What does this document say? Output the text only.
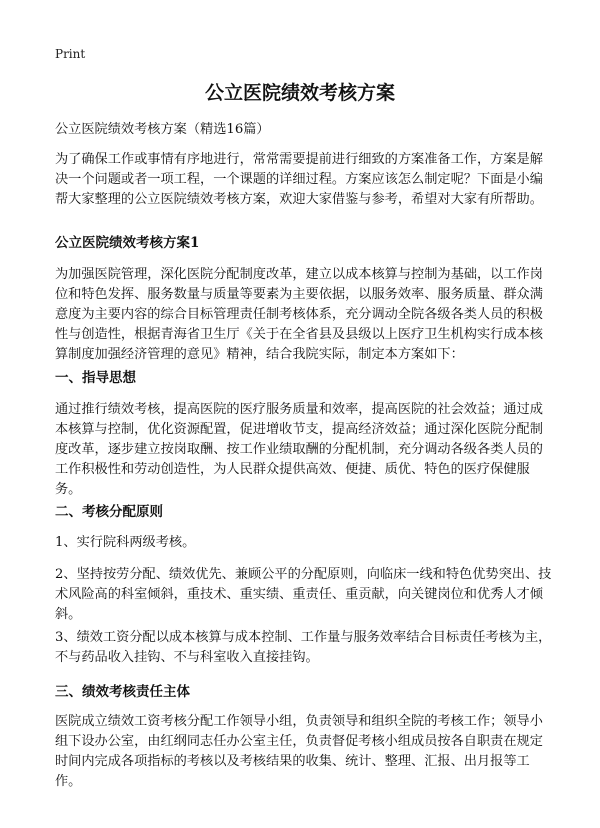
Print
公立医院绩效考核方案

公立医院绩效考核方案（精选16篇）

为了确保工作或事情有序地进行，常常需要提前进行细致的方案准备工作，方案是解决一个问题或者一项工程，一个课题的详细过程。方案应该怎么制定呢？下面是小编帮大家整理的公立医院绩效考核方案，欢迎大家借鉴与参考，希望对大家有所帮助。

公立医院绩效考核方案1

为加强医院管理，深化医院分配制度改革，建立以成本核算与控制为基础，以工作岗位和特色发挥、服务数量与质量等要素为主要依据，以服务效率、服务质量、群众满意度为主要内容的综合目标管理责任制考核体系，充分调动全院各级各类人员的积极性与创造性，根据青海省卫生厅《关于在全省县及县级以上医疗卫生机构实行成本核算制度加强经济管理的意见》精神，结合我院实际，制定本方案如下：

一、指导思想

通过推行绩效考核，提高医院的医疗服务质量和效率，提高医院的社会效益；通过成本核算与控制，优化资源配置，促进增收节支，提高经济效益；通过深化医院分配制度改革，逐步建立按岗取酬、按工作业绩取酬的分配机制，充分调动各级各类人员的工作积极性和劳动创造性，为人民群众提供高效、便捷、质优、特色的医疗保健服务。

二、考核分配原则

1、实行院科两级考核。

2、坚持按劳分配、绩效优先、兼顾公平的分配原则，向临床一线和特色优势突出、技术风险高的科室倾斜，重技术、重实绩、重责任、重贡献，向关键岗位和优秀人才倾斜。

3、绩效工资分配以成本核算与成本控制、工作量与服务效率结合目标责任考核为主，不与药品收入挂钩、不与科室收入直接挂钩。

三、绩效考核责任主体

医院成立绩效工资考核分配工作领导小组，负责领导和组织全院的考核工作；领导小组下设办公室，由红纲同志任办公室主任，负责督促考核小组成员按各自职责在规定时间内完成各项指标的考核以及考核结果的收集、统计、整理、汇报、出月报等工作。
